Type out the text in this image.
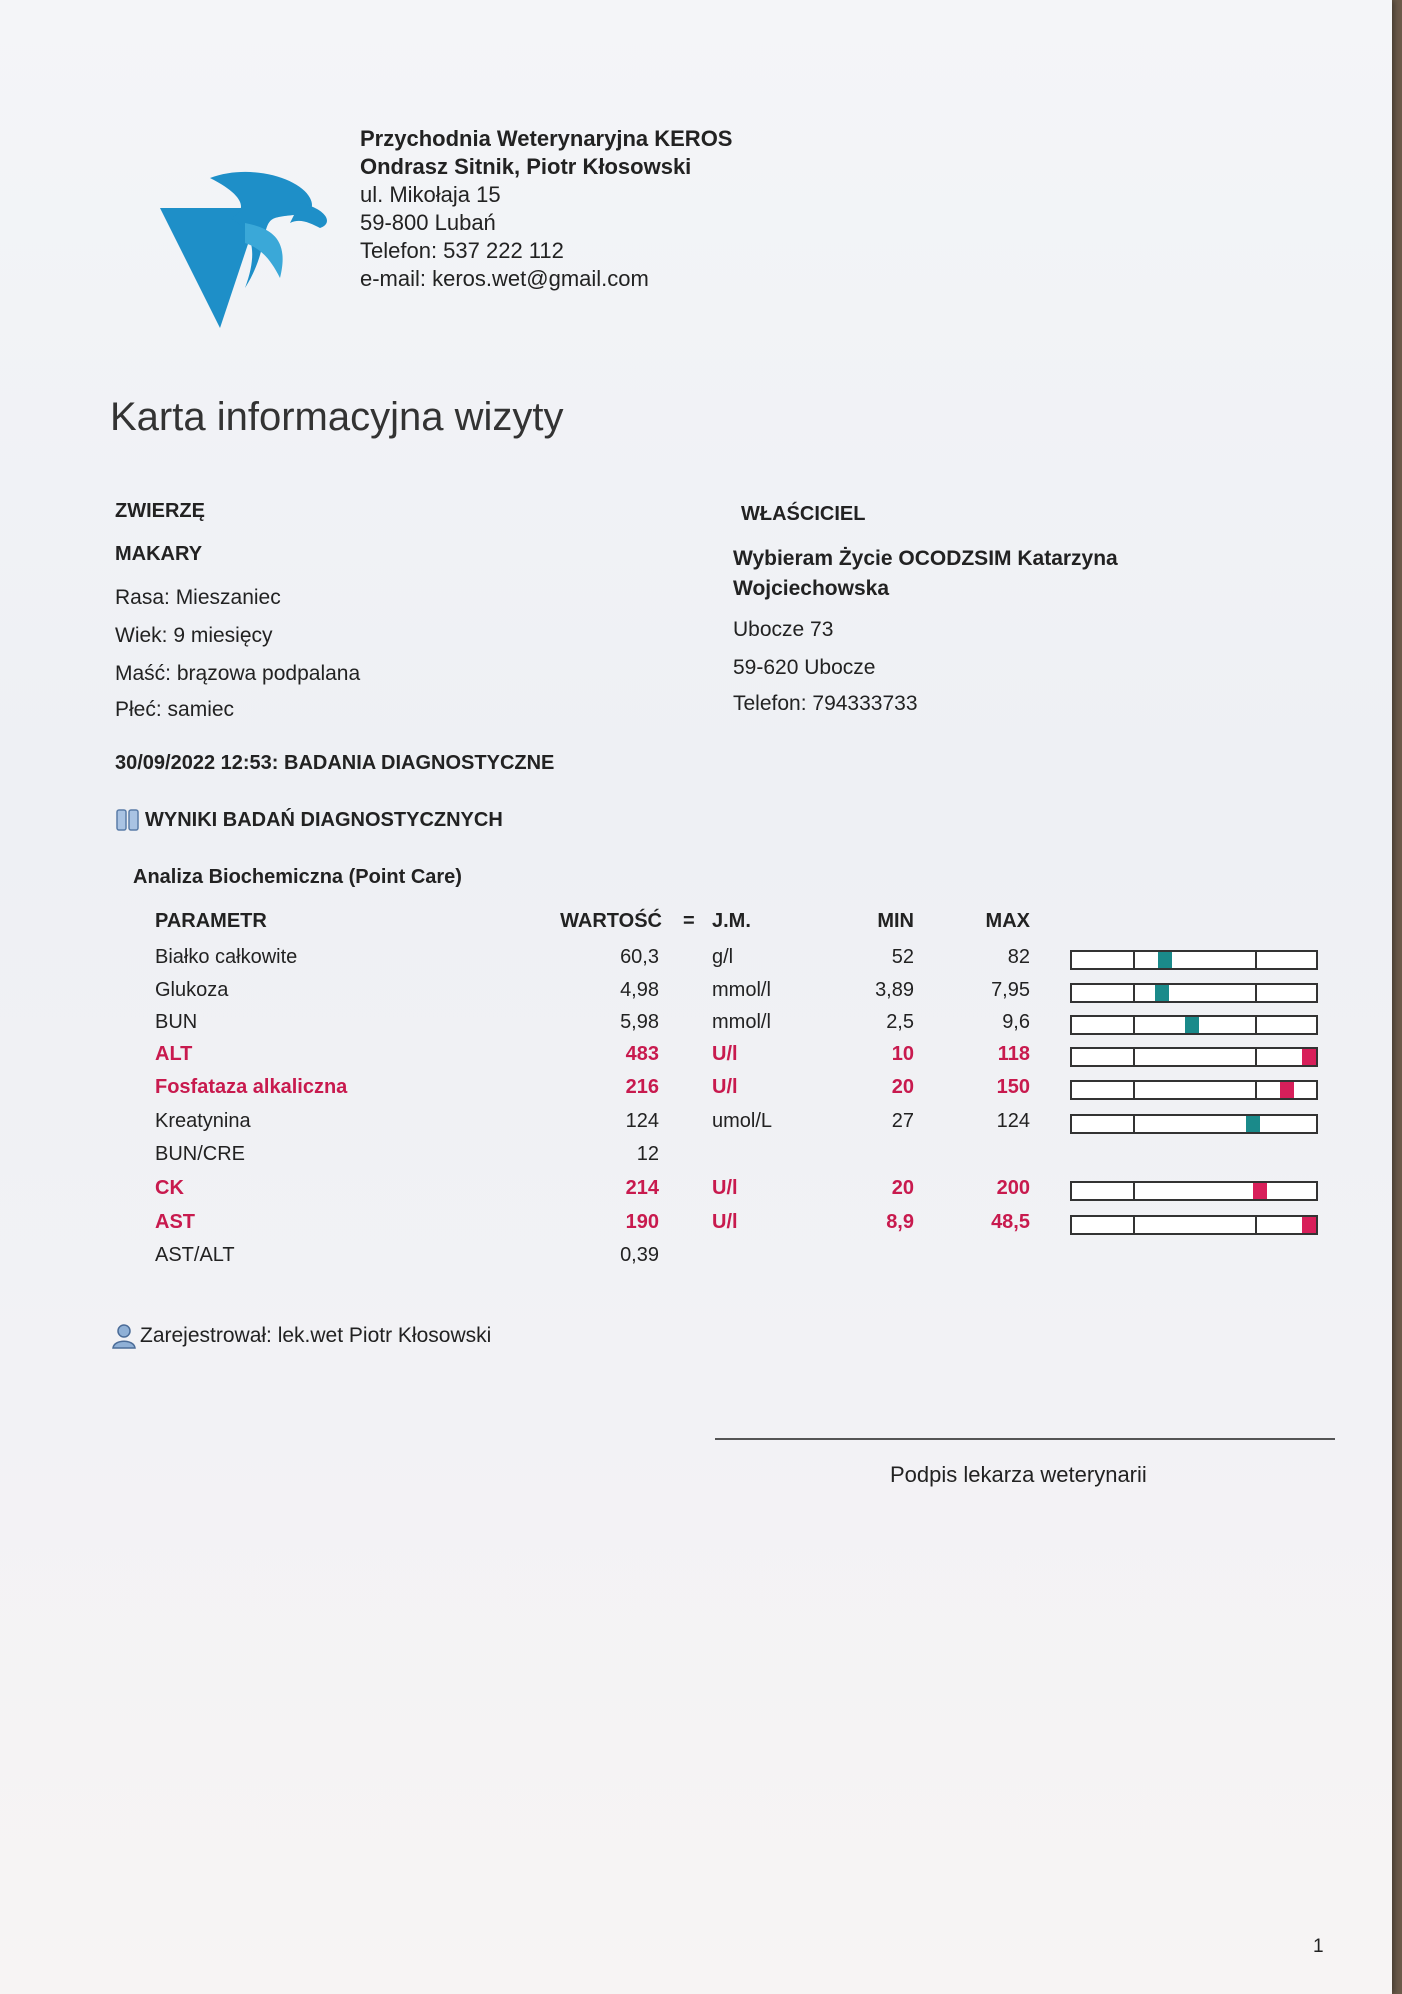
Przychodnia Weterynaryjna KEROS
Ondrasz Sitnik, Piotr Kłosowski
ul. Mikołaja 15
59-800 Lubań
Telefon: 537 222 112
e-mail: keros.wet@gmail.com
Karta informacyjna wizyty
ZWIERZĘ
MAKARY
Rasa: Mieszaniec
Wiek: 9 miesięcy
Maść: brązowa podpalana
Płeć: samiec
WŁAŚCICIEL
Wybieram Życie OCODZSIM Katarzyna Wojciechowska
Ubocze 73
59-620 Ubocze
Telefon: 794333733
30/09/2022 12:53: BADANIA DIAGNOSTYCZNE
WYNIKI BADAŃ DIAGNOSTYCZNYCH
Analiza Biochemiczna (Point Care)
PARAMETR	WARTOŚĆ = J.M.	MIN	MAX
Białko całkowite	60,3	g/l	52	82
Glukoza	4,98	mmol/l	3,89	7,95
BUN	5,98	mmol/l	2,5	9,6
ALT	483	U/l	10	118
Fosfataza alkaliczna	216	U/l	20	150
Kreatynina	124	umol/L	27	124
BUN/CRE	12
CK	214	U/l	20	200
AST	190	U/l	8,9	48,5
AST/ALT	0,39
Zarejestrował: lek.wet Piotr Kłosowski
Podpis lekarza weterynarii
1
